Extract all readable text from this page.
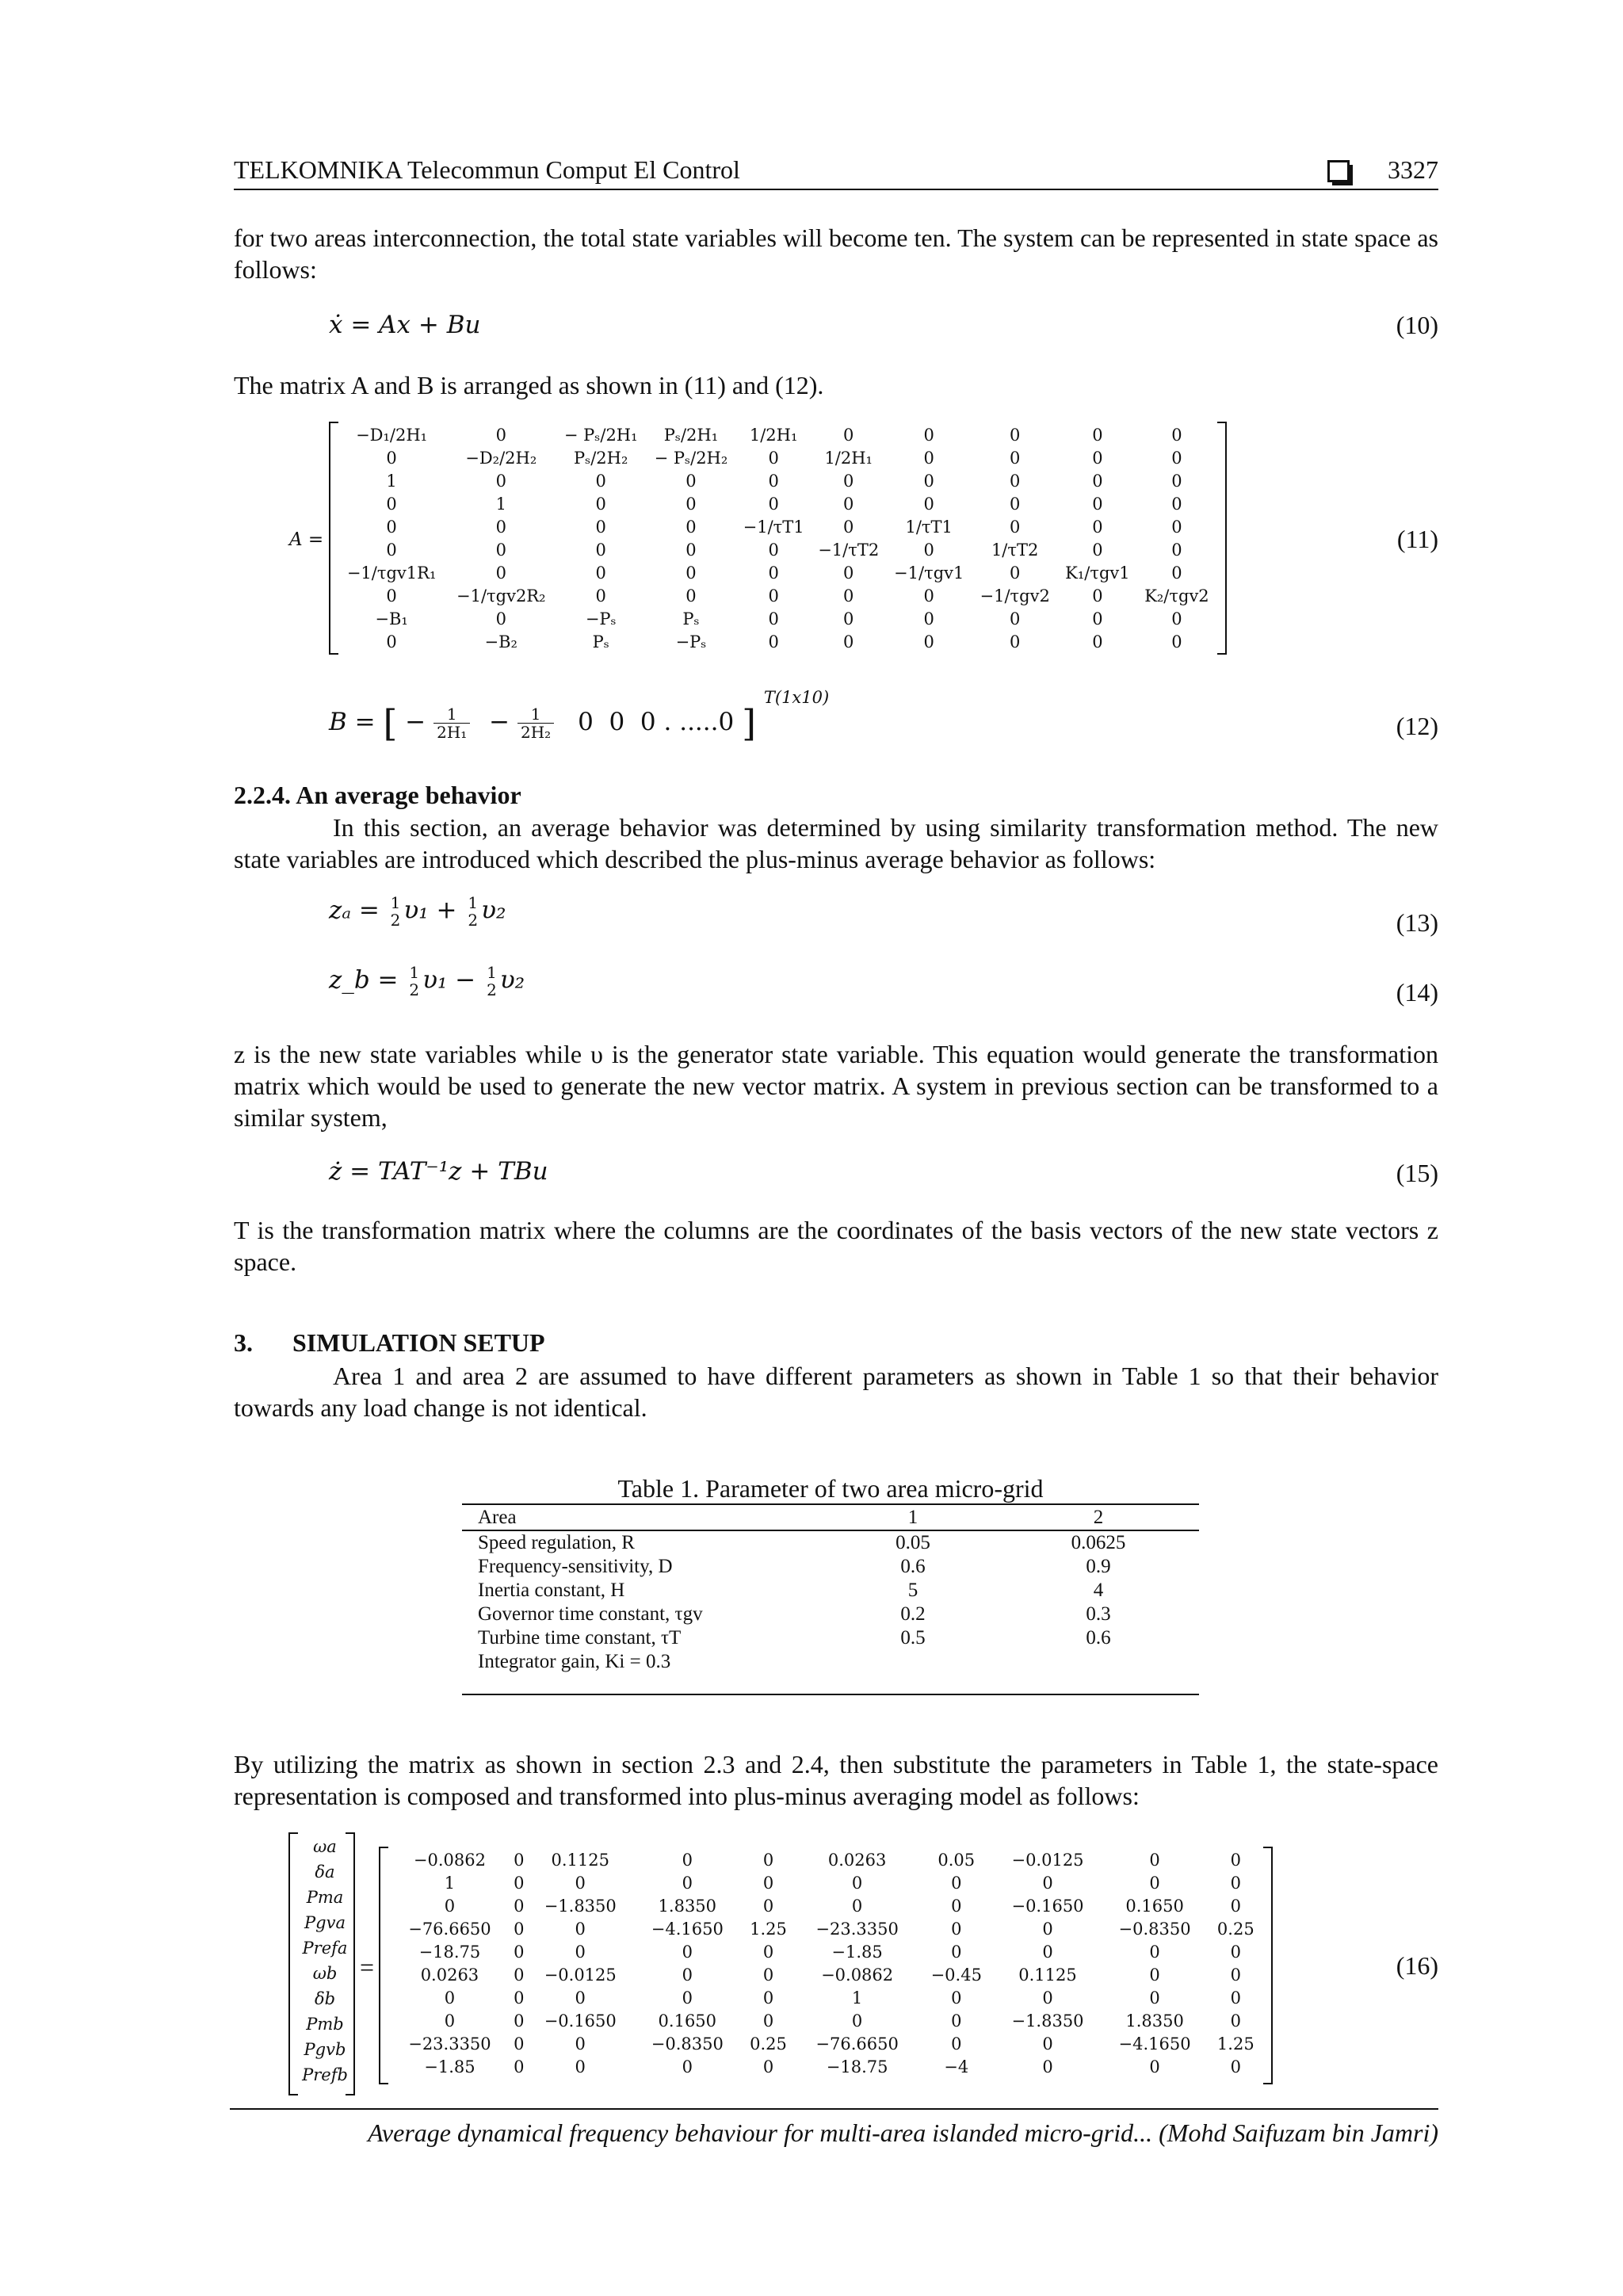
TELKOMNIKA Telecommun Comput El Control	3327
for two areas interconnection, the total state variables will become ten. The system can be represented in state space as follows:
ẋ = Ax + Bu	(10)
The matrix A and B is arranged as shown in (11) and (12).
A =
−D₁/2H₁	0	− Pₛ/2H₁	Pₛ/2H₁	1/2H₁	0	0	0	0	0
0	−D₂/2H₂	Pₛ/2H₂	− Pₛ/2H₂	0	1/2H₁	0	0	0	0
1	0	0	0	0	0	0	0	0	0
0	1	0	0	0	0	0	0	0	0
0	0	0	0	−1/τT1	0	1/τT1	0	0	0
0	0	0	0	0	−1/τT2	0	1/τT2	0	0
−1/τgv1R₁	0	0	0	0	0	−1/τgv1	0	K₁/τgv1	0
0	−1/τgv2R₂	0	0	0	0	0	−1/τgv2	0	K₂/τgv2
−B₁	0	−Pₛ	Pₛ	0	0	0	0	0	0
0	−B₂	Pₛ	−Pₛ	0	0	0	0	0	0
(11)
B = [ − $\frac{1}{\text{2H₁}} - \frac{1}{\text{2H₂}} 0$  0  0 . .....0 ] $^{T(1x10)}$
(12)
2.2.4. An average behavior
In this section, an average behavior was determined by using similarity transformation method. The new state variables are introduced which described the plus-minus average behavior as follows:
zₐ = 1
2 υ₁ + 1
2 υ₂	(13)
z_b = 1
2 υ₁ − 1
2 υ₂	(14)
z is the new state variables while υ is the generator state variable. This equation would generate the transformation matrix which would be used to generate the new vector matrix. A system in previous section can be transformed to a similar system,
ż = TAT⁻¹z + TBu	(15)
T is the transformation matrix where the columns are the coordinates of the basis vectors of the new state vectors z space.
3. SIMULATION SETUP
Area 1 and area 2 are assumed to have different parameters as shown in Table 1 so that their behavior towards any load change is not identical.
Table 1. Parameter of two area micro-grid
Area	1	2

Speed regulation, R	0.05	0.0625
Frequency-sensitivity, D	0.6	0.9
Inertia constant, H	5	4
Governor time constant, τgv	0.2	0.3
Turbine time constant, τT	0.5	0.6
Integrator gain, Ki = 0.3		
By utilizing the matrix as shown in section 2.3 and 2.4, then substitute the parameters in Table 1, the state-space representation is composed and transformed into plus-minus averaging model as follows:
ωa
δa
Pma
Pgva
Prefa
ωb
δb
Pmb
Pgvb
Prefb
=
−0.0862	0	0.1125	0	0	0.0263	0.05	−0.0125	0	0
1	0	0	0	0	0	0	0	0	0
0	0	−1.8350	1.8350	0	0	0	−0.1650	0.1650	0
−76.6650	0	0	−4.1650	1.25	−23.3350	0	0	−0.8350	0.25
−18.75	0	0	0	0	−1.85	0	0	0	0
0.0263	0	−0.0125	0	0	−0.0862	−0.45	0.1125	0	0
0	0	0	0	0	1	0	0	0	0
0	0	−0.1650	0.1650	0	0	0	−1.8350	1.8350	0
−23.3350	0	0	−0.8350	0.25	−76.6650	0	0	−4.1650	1.25
−1.85	0	0	0	0	−18.75	−4	0	0	0
(16)
Average dynamical frequency behaviour for multi-area islanded micro-grid... (Mohd Saifuzam bin Jamri)
